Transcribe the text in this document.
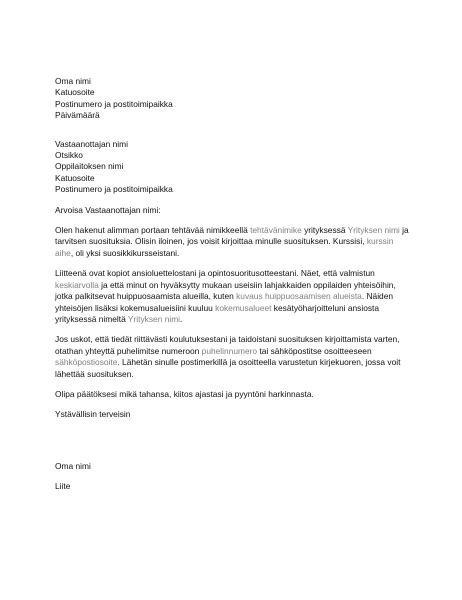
Oma nimi
Katuosoite
Postinumero ja postitoimipaikka
Päivämäärä
Vastaanottajan nimi
Otsikko
Oppilaitoksen nimi
Katuosoite
Postinumero ja postitoimipaikka

Arvoisa Vastaanottajan nimi:

Olen hakenut alimman portaan tehtävää nimikkeellä tehtävänimike yrityksessä Yrityksen nimi ja
tarvitsen suosituksia. Olisin iloinen, jos voisit kirjoittaa minulle suosituksen. Kurssisi, kurssin
aihe, oli yksi suosikkikursseistani.

Liitteenä ovat kopiot ansioluettelostani ja opintosuoritusotteestani. Näet, että valmistun
keskiarvolla ja että minut on hyväksytty mukaan useisiin lahjakkaiden oppilaiden yhteisöihin,
jotka palkitsevat huippuosaamista alueilla, kuten kuvaus huippuosaamisen alueista. Näiden
yhteisöjen lisäksi kokemusalueisiini kuuluu kokemusalueet kesätyöharjoitteluni ansiosta
yrityksessä nimeltä Yrityksen nimi.

Jos uskot, että tiedät riittävästi koulutuksestani ja taidoistani suosituksen kirjoittamista varten,
otathan yhteyttä puhelimitse numeroon puhelinnumero tai sähköpostitse osoitteeseen
sähköpostiosoite. Lähetän sinulle postimerkillä ja osoitteella varustetun kirjekuoren, jossa voit
lähettää suosituksen.

Olipa päätöksesi mikä tahansa, kiitos ajastasi ja pyyntöni harkinnasta.

Ystävällisin terveisin

Oma nimi

Liite
